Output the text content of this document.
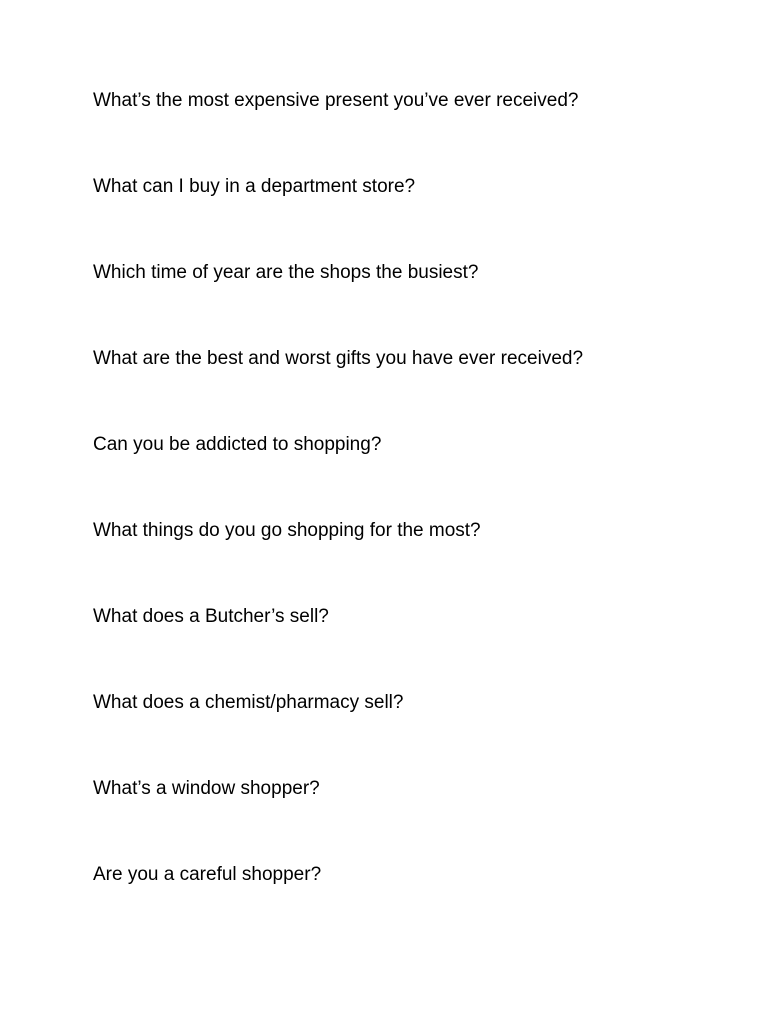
What’s the most expensive present you’ve ever received?
What can I buy in a department store?
Which time of year are the shops the busiest?
What are the best and worst gifts you have ever received?
Can you be addicted to shopping?
What things do you go shopping for the most?
What does a Butcher’s sell?
What does a chemist/pharmacy sell?
What’s a window shopper?
Are you a careful shopper?
